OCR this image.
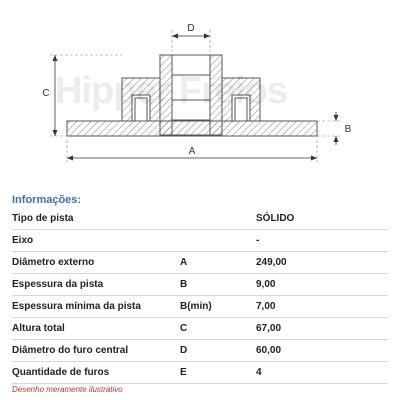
D
C
B
A
Hipper Freios
Informações:
Tipo de pista		SÓLIDO
Eixo		-
Diâmetro externo	A	249,00
Espessura da pista	B	9,00
Espessura mínima da pista	B(min)	7,00
Altura total	C	67,00
Diâmetro do furo central	D	60,00
Quantidade de furos	E	4
Desenho meramente ilustrativo
